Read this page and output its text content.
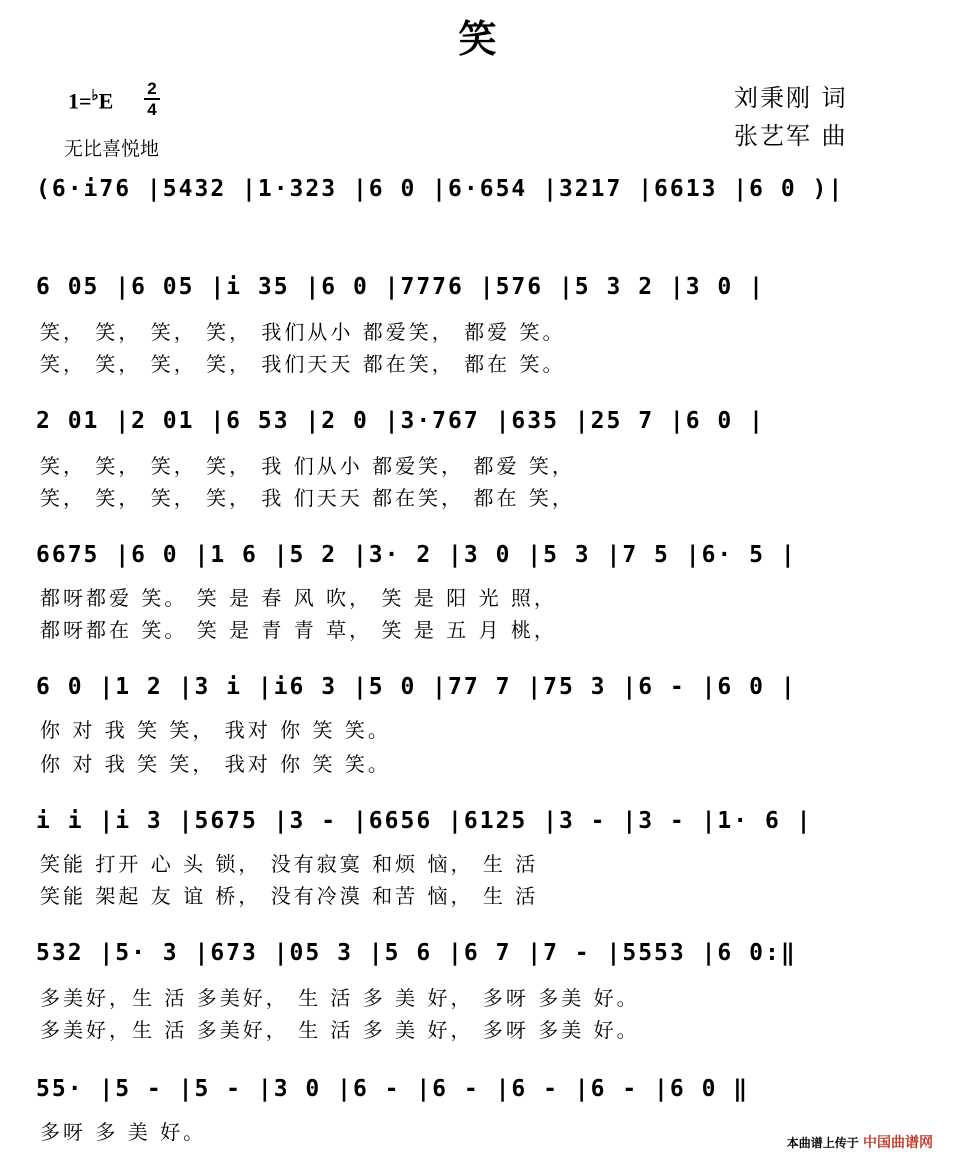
笑
1=♭E 2
4
无比喜悦地
刘秉刚 词
张艺军 曲
(6·i76 |5432 |1·323 |6 0 |6·654 |3217 |6613 |6 0 )|
6 05 |6 05 |i 35 |6 0 |7776 |576 |5 3 2 |3 0 |
笑， 笑， 笑， 笑， 我们从小 都爱笑， 都爱 笑。
笑， 笑， 笑， 笑， 我们天天 都在笑， 都在 笑。
2 01 |2 01 |6 53 |2 0 |3·767 |635 |25 7 |6 0 |
笑， 笑， 笑， 笑， 我 们从小 都爱笑， 都爱 笑，
笑， 笑， 笑， 笑， 我 们天天 都在笑， 都在 笑，
6675 |6 0 |1 6 |5 2 |3· 2 |3 0 |5 3 |7 5 |6· 5 |
都呀都爱 笑。 笑 是 春 风 吹， 笑 是 阳 光 照，
都呀都在 笑。 笑 是 青 青 草， 笑 是 五 月 桃，
6 0 |1 2 |3 i |i6 3 |5 0 |77 7 |75 3 |6 - |6 0 |
你 对 我 笑 笑， 我对 你 笑 笑。
你 对 我 笑 笑， 我对 你 笑 笑。
i i |i 3 |5675 |3 - |6656 |6125 |3 - |3 - |1· 6 |
笑能 打开 心 头 锁， 没有寂寞 和烦 恼， 生 活
笑能 架起 友 谊 桥， 没有冷漠 和苦 恼， 生 活
532 |5· 3 |673 |05 3 |5 6 |6 7 |7 - |5553 |6 0:‖
多美好，生 活 多美好， 生 活 多 美 好， 多呀 多美 好。
多美好，生 活 多美好， 生 活 多 美 好， 多呀 多美 好。
55· |5 - |5 - |3 0 |6 - |6 - |6 - |6 - |6 0 ‖
多呀 多 美 好。	本曲谱上传于 中国曲谱网
